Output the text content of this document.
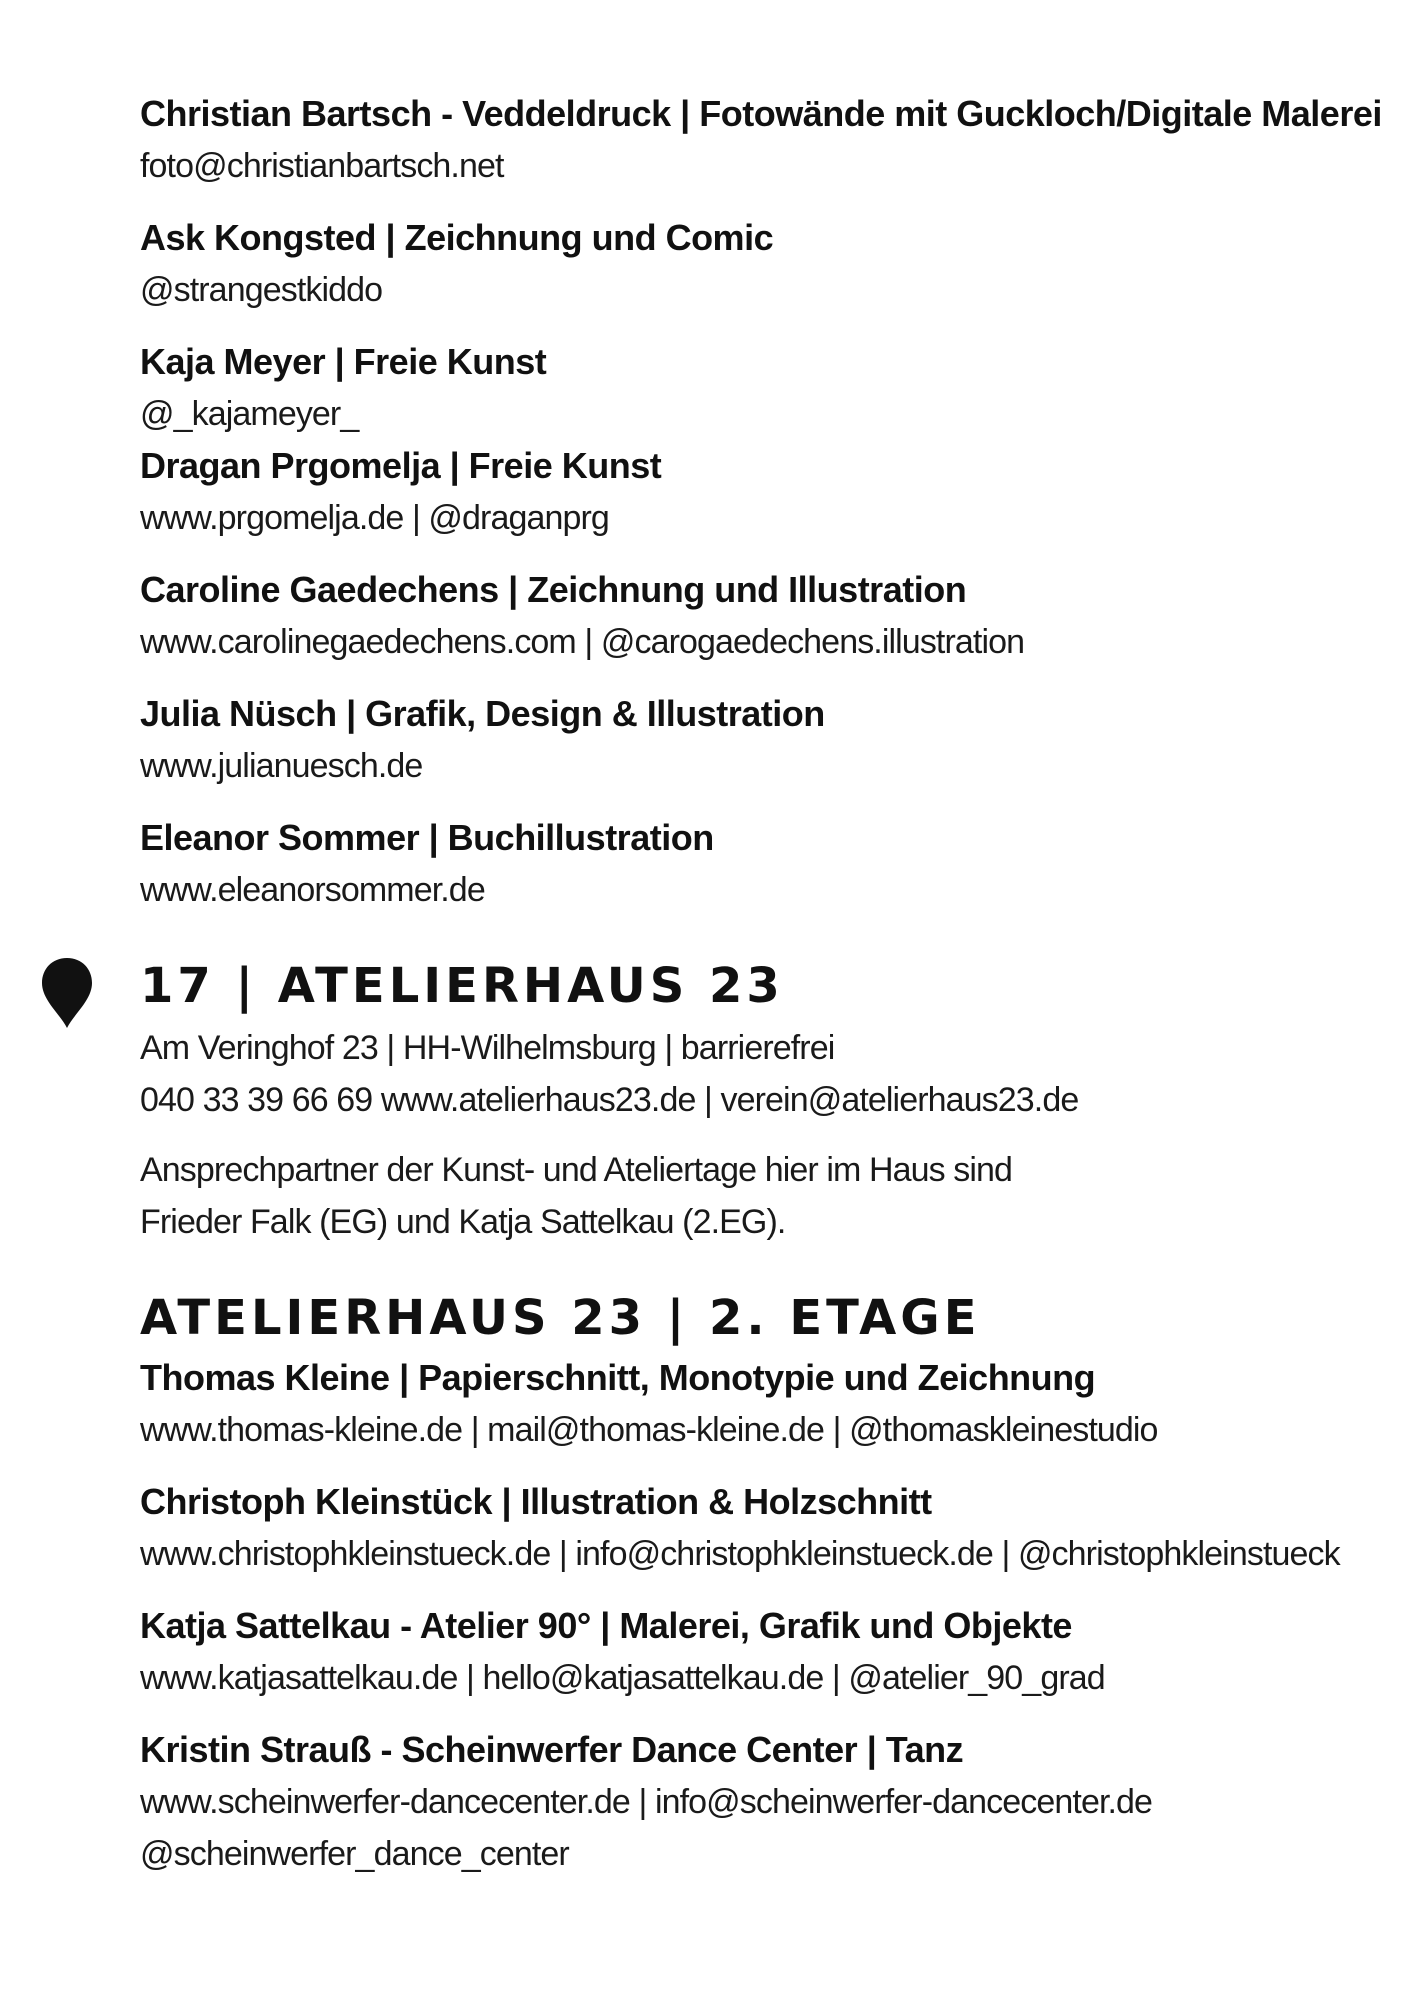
Christian Bartsch - Veddeldruck | Fotowände mit Guckloch/Digitale Malerei
foto@christianbartsch.net
Ask Kongsted | Zeichnung und Comic
@strangestkiddo
Kaja Meyer | Freie Kunst
@_kajameyer_
Dragan Prgomelja | Freie Kunst
www.prgomelja.de | @draganprg
Caroline Gaedechens | Zeichnung und Illustration
www.carolinegaedechens.com | @carogaedechens.illustration
Julia Nüsch | Grafik, Design & Illustration
www.julianuesch.de
Eleanor Sommer | Buchillustration
www.eleanorsommer.de
17 | ATELIERHAUS 23
Am Veringhof 23 | HH-Wilhelmsburg | barrierefrei
040 33 39 66 69 www.atelierhaus23.de | verein@atelierhaus23.de
Ansprechpartner der Kunst- und Ateliertage hier im Haus sind
Frieder Falk (EG) und Katja Sattelkau (2.EG).
ATELIERHAUS 23 | 2. ETAGE
Thomas Kleine | Papierschnitt, Monotypie und Zeichnung
www.thomas-kleine.de | mail@thomas-kleine.de | @thomaskleinestudio
Christoph Kleinstück | Illustration & Holzschnitt
www.christophkleinstueck.de | info@christophkleinstueck.de | @christophkleinstueck
Katja Sattelkau - Atelier 90° | Malerei, Grafik und Objekte
www.katjasattelkau.de | hello@katjasattelkau.de | @atelier_90_grad
Kristin Strauß - Scheinwerfer Dance Center | Tanz
www.scheinwerfer-dancecenter.de | info@scheinwerfer-dancecenter.de
@scheinwerfer_dance_center
